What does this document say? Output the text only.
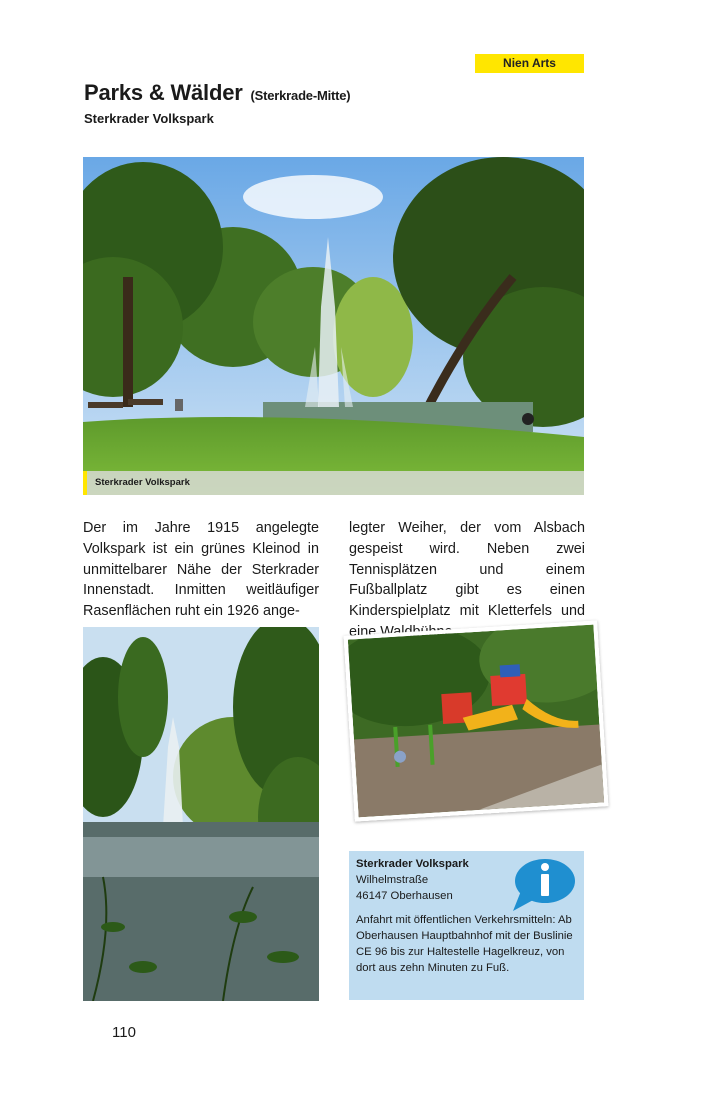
Nien Arts
Parks & Wälder (Sterkrade-Mitte)
Sterkrader Volkspark
Sterkrader Volkspark
Der im Jahre 1915 angelegte Volkspark ist ein grünes Kleinod in unmittelbarer Nähe der Sterkrader Innenstadt. Inmitten weitläufiger Rasenflächen ruht ein 1926 ange-
legter Weiher, der vom Alsbach gespeist wird. Neben zwei Tennisplätzen und einem Fußballplatz gibt es einen Kinderspielplatz mit Kletterfels und eine Waldbühne.
Sterkrader Volkspark
Wilhelmstraße
46147 Oberhausen
Anfahrt mit öffentlichen Verkehrsmitteln: Ab Oberhausen Hauptbahnhof mit der Buslinie CE 96 bis zur Haltestelle Hagelkreuz, von dort aus zehn Minuten zu Fuß.
110
